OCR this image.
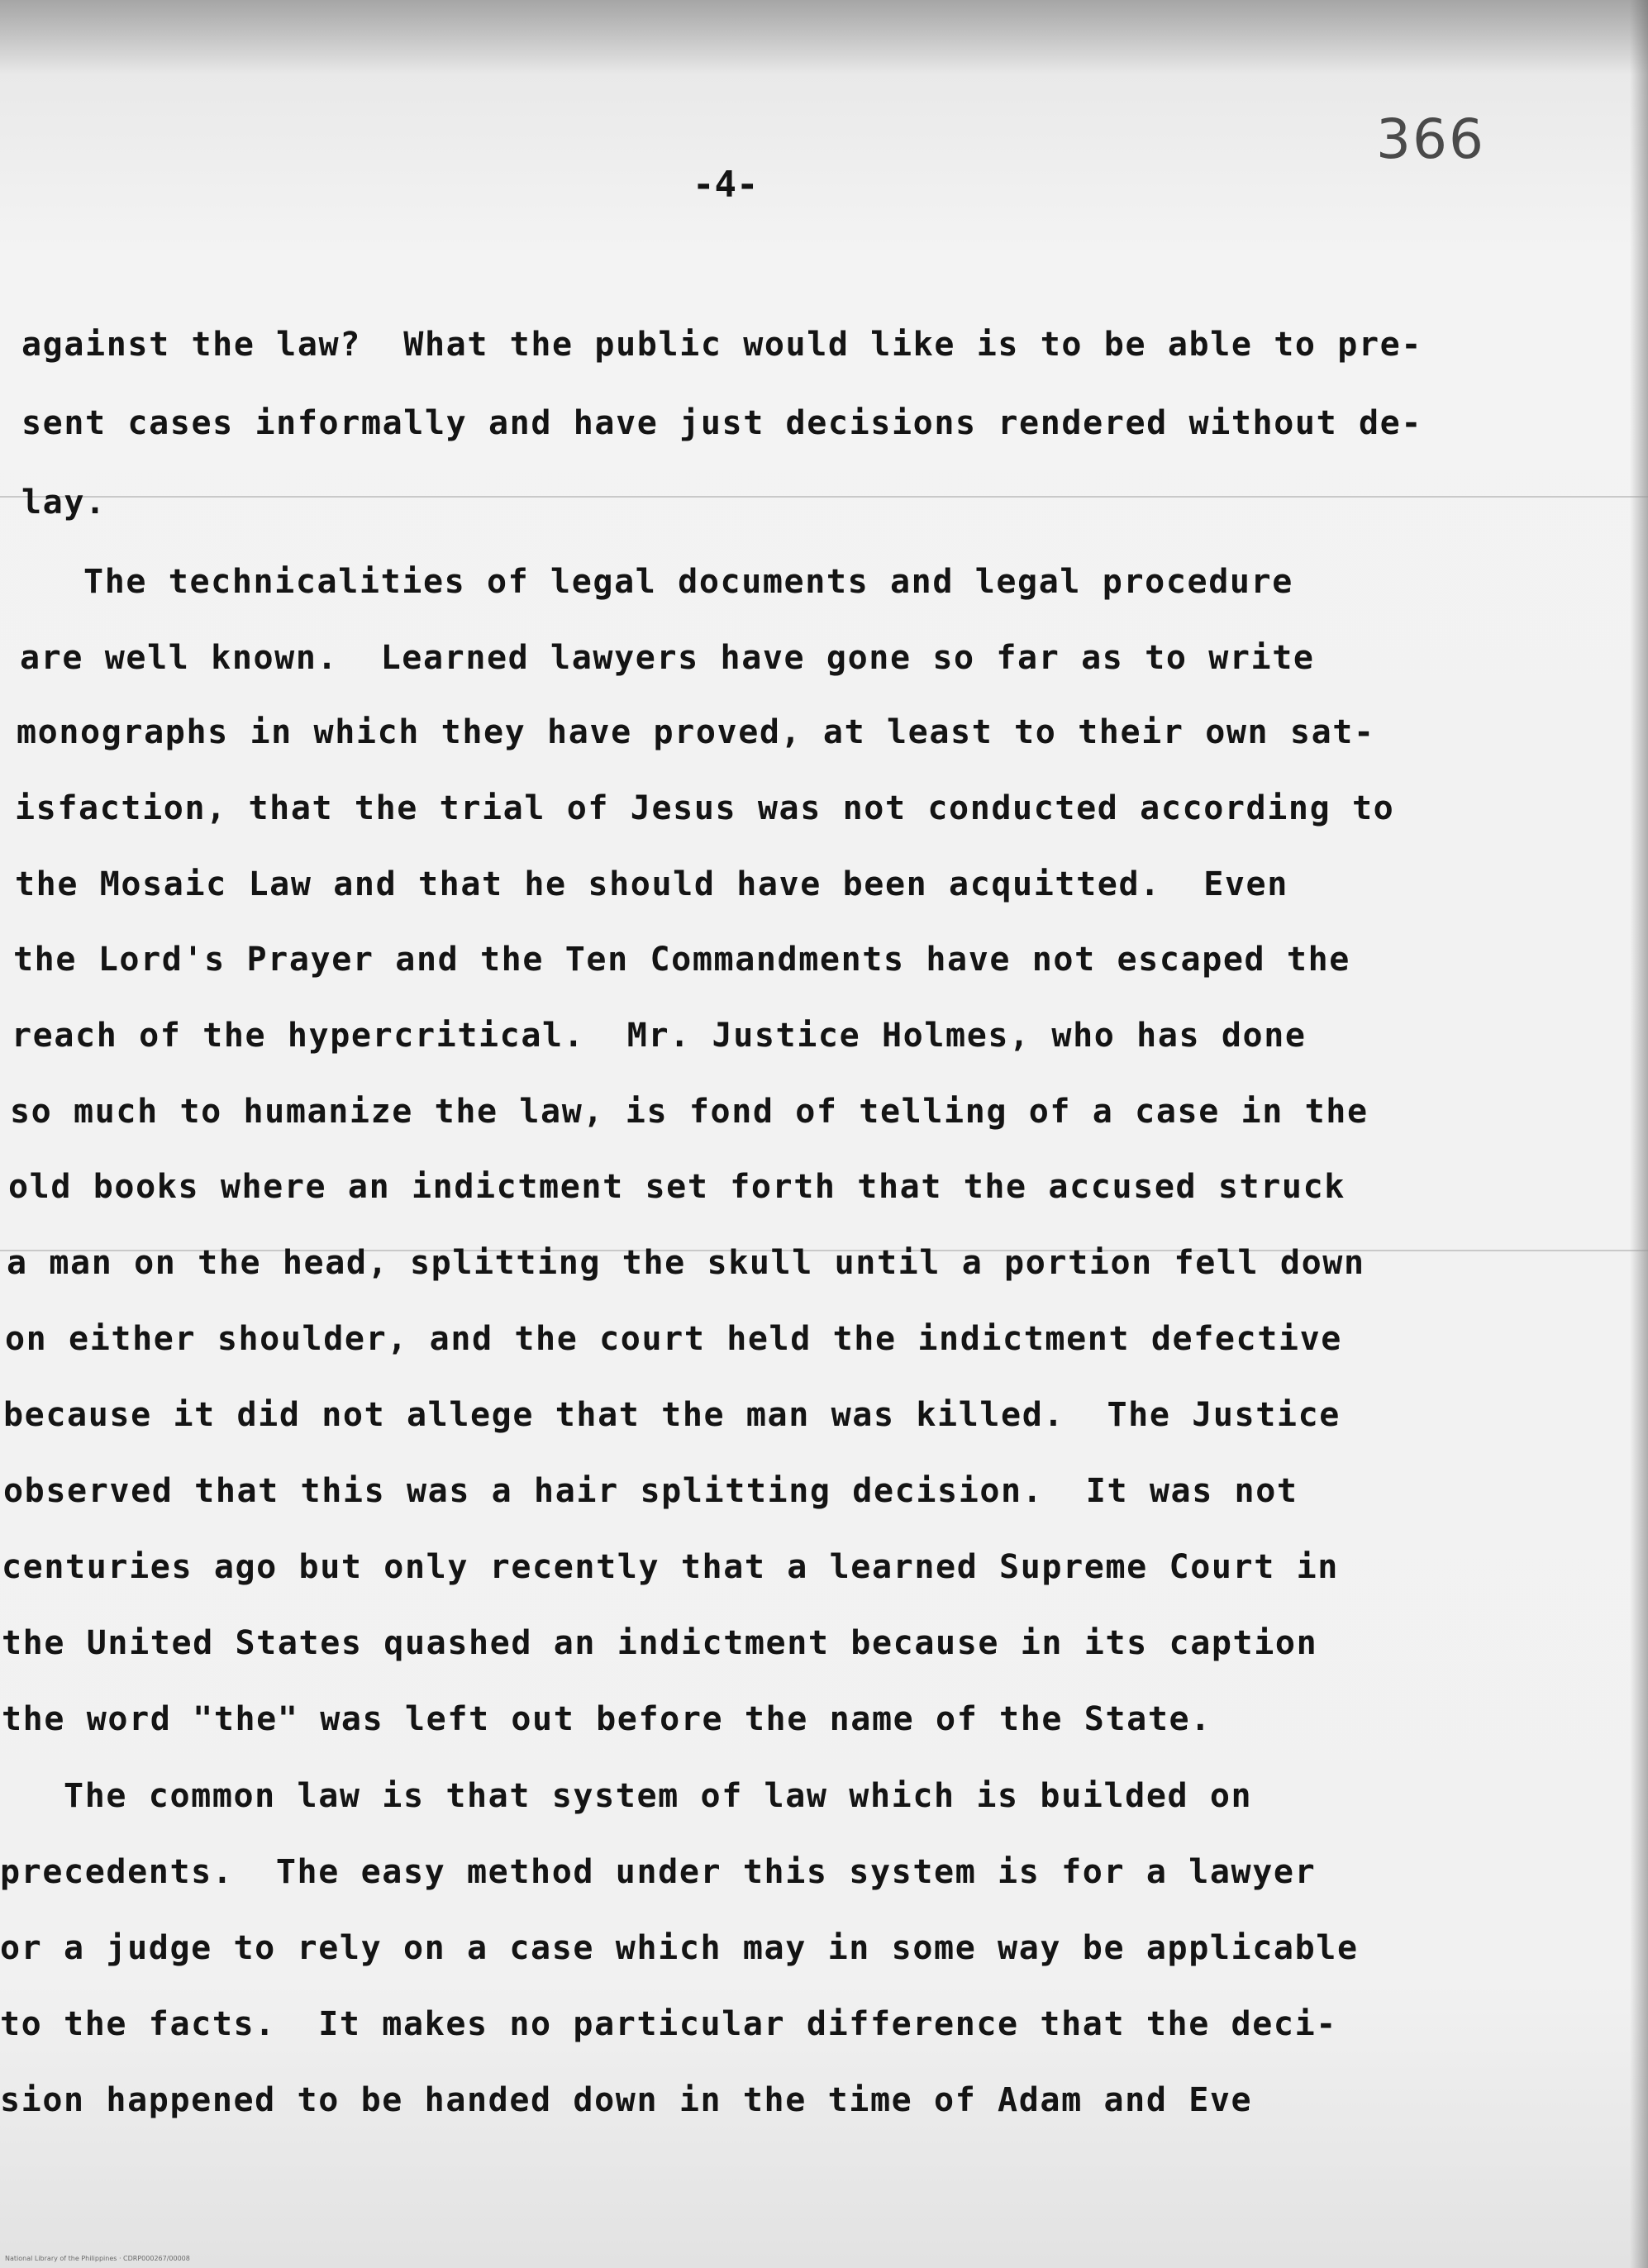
366
-4-
against the law?  What the public would like is to be able to pre-
sent cases informally and have just decisions rendered without de-
lay.
The technicalities of legal documents and legal procedure
are well known.  Learned lawyers have gone so far as to write
monographs in which they have proved, at least to their own sat-
isfaction, that the trial of Jesus was not conducted according to
the Mosaic Law and that he should have been acquitted.  Even
the Lord's Prayer and the Ten Commandments have not escaped the
reach of the hypercritical.  Mr. Justice Holmes, who has done
so much to humanize the law, is fond of telling of a case in the
old books where an indictment set forth that the accused struck
a man on the head, splitting the skull until a portion fell down
on either shoulder, and the court held the indictment defective
because it did not allege that the man was killed.  The Justice
observed that this was a hair splitting decision.  It was not
centuries ago but only recently that a learned Supreme Court in
the United States quashed an indictment because in its caption
the word "the" was left out before the name of the State.
The common law is that system of law which is builded on
precedents.  The easy method under this system is for a lawyer
or a judge to rely on a case which may in some way be applicable
to the facts.  It makes no particular difference that the deci-
sion happened to be handed down in the time of Adam and Eve
National Library of the Philippines · CDRP000267/00008
